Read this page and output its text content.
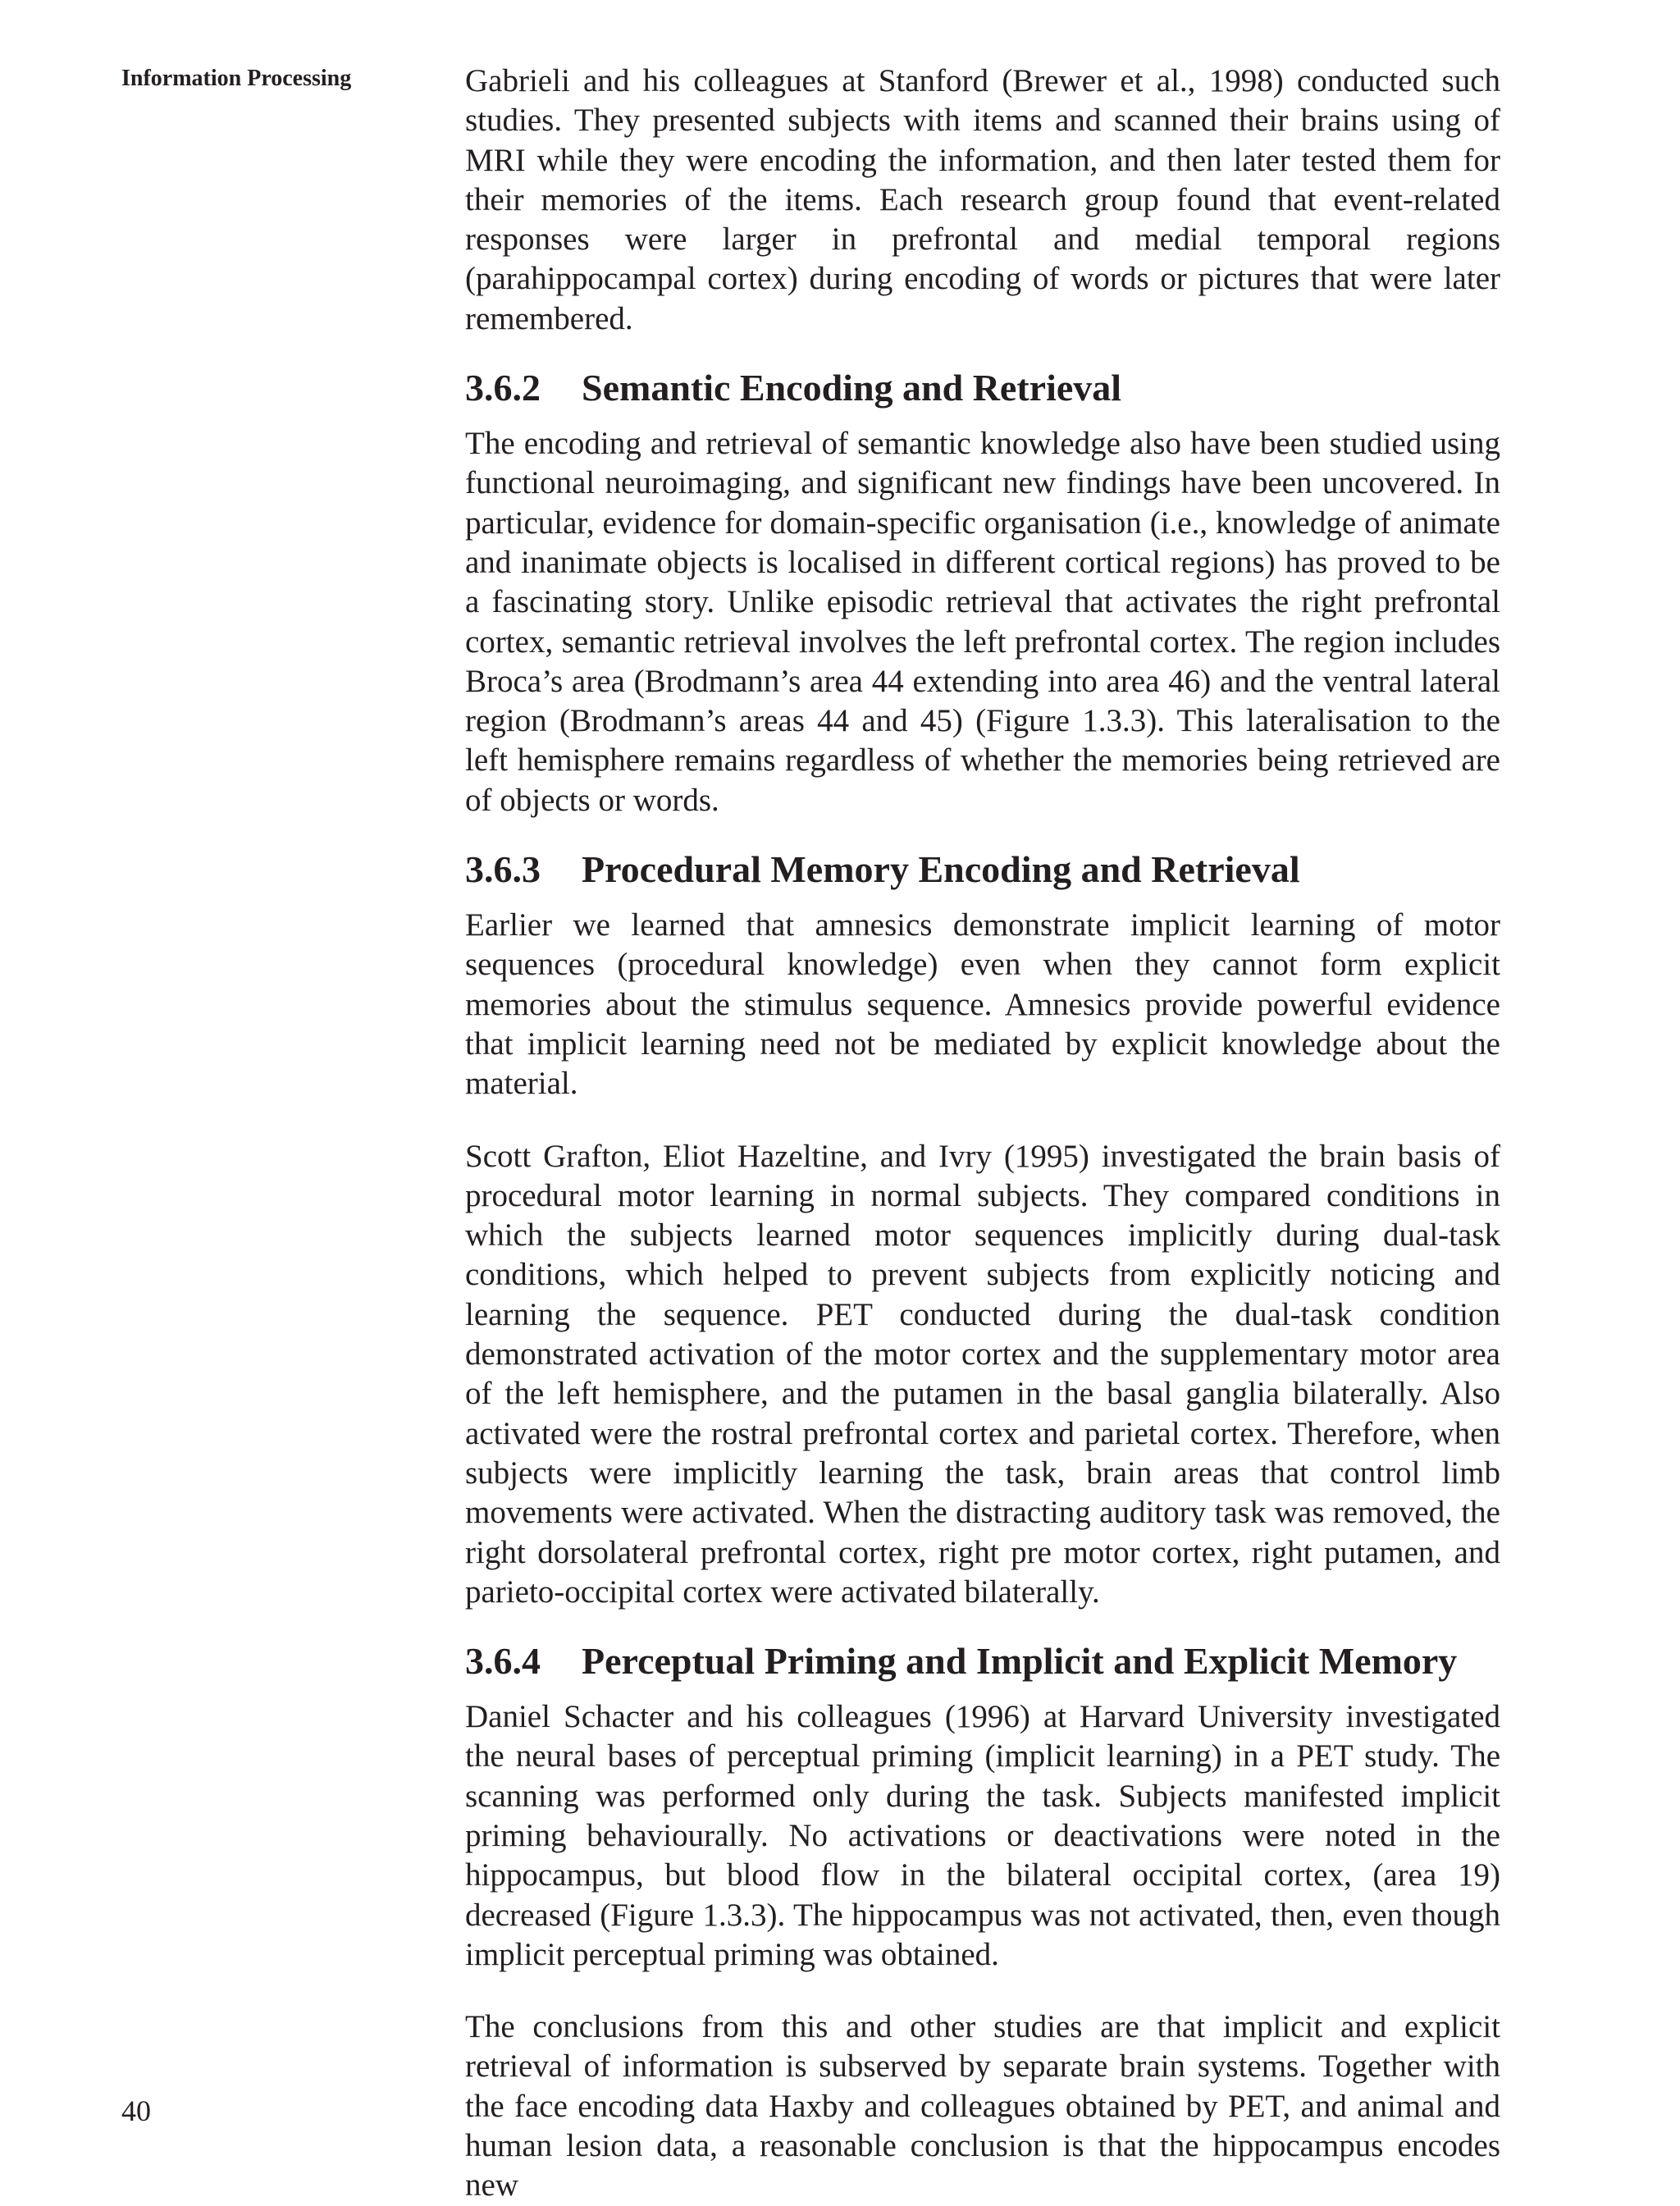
Information Processing	Gabrieli and his colleagues at Stanford (Brewer et al., 1998) conducted such studies. They presented subjects with items and scanned their brains using of MRI while they were encoding the information, and then later tested them for their memories of the items. Each research group found that event-related responses were larger in prefrontal and medial temporal regions (parahippocampal cortex) during encoding of words or pictures that were later remembered.

3.6.2	Semantic Encoding and Retrieval

The encoding and retrieval of semantic knowledge also have been studied using functional neuroimaging, and significant new findings have been uncovered. In particular, evidence for domain-specific organisation (i.e., knowledge of animate and inanimate objects is localised in different cortical regions) has proved to be a fascinating story. Unlike episodic retrieval that activates the right prefrontal cortex, semantic retrieval involves the left prefrontal cortex. The region includes Broca’s area (Brodmann’s area 44 extending into area 46) and the ventral lateral region (Brodmann’s areas 44 and 45) (Figure 1.3.3). This lateralisation to the left hemisphere remains regardless of whether the memories being retrieved are of objects or words.

3.6.3	Procedural Memory Encoding and Retrieval

Earlier we learned that amnesics demonstrate implicit learning of motor sequences (procedural knowledge) even when they cannot form explicit memories about the stimulus sequence. Amnesics provide powerful evidence that implicit learning need not be mediated by explicit knowledge about the material.

Scott Grafton, Eliot Hazeltine, and Ivry (1995) investigated the brain basis of procedural motor learning in normal subjects. They compared conditions in which the subjects learned motor sequences implicitly during dual-task conditions, which helped to prevent subjects from explicitly noticing and learning the sequence. PET conducted during the dual-task condition demonstrated activation of the motor cortex and the supplementary motor area of the left hemisphere, and the putamen in the basal ganglia bilaterally. Also activated were the rostral prefrontal cortex and parietal cortex. Therefore, when subjects were implicitly learning the task, brain areas that control limb movements were activated. When the distracting auditory task was removed, the right dorsolateral prefrontal cortex, right pre motor cortex, right putamen, and parieto-occipital cortex were activated bilaterally.

3.6.4	Perceptual Priming and Implicit and Explicit Memory

Daniel Schacter and his colleagues (1996) at Harvard University investigated the neural bases of perceptual priming (implicit learning) in a PET study. The scanning was performed only during the task. Subjects manifested implicit priming behaviourally. No activations or deactivations were noted in the hippocampus, but blood flow in the bilateral occipital cortex, (area 19) decreased (Figure 1.3.3). The hippocampus was not activated, then, even though implicit perceptual priming was obtained.

The conclusions from this and other studies are that implicit and explicit retrieval of information is subserved by separate brain systems. Together with the face encoding data Haxby and colleagues obtained by PET, and animal and human lesion data, a reasonable conclusion is that the hippocampus encodes new

40
